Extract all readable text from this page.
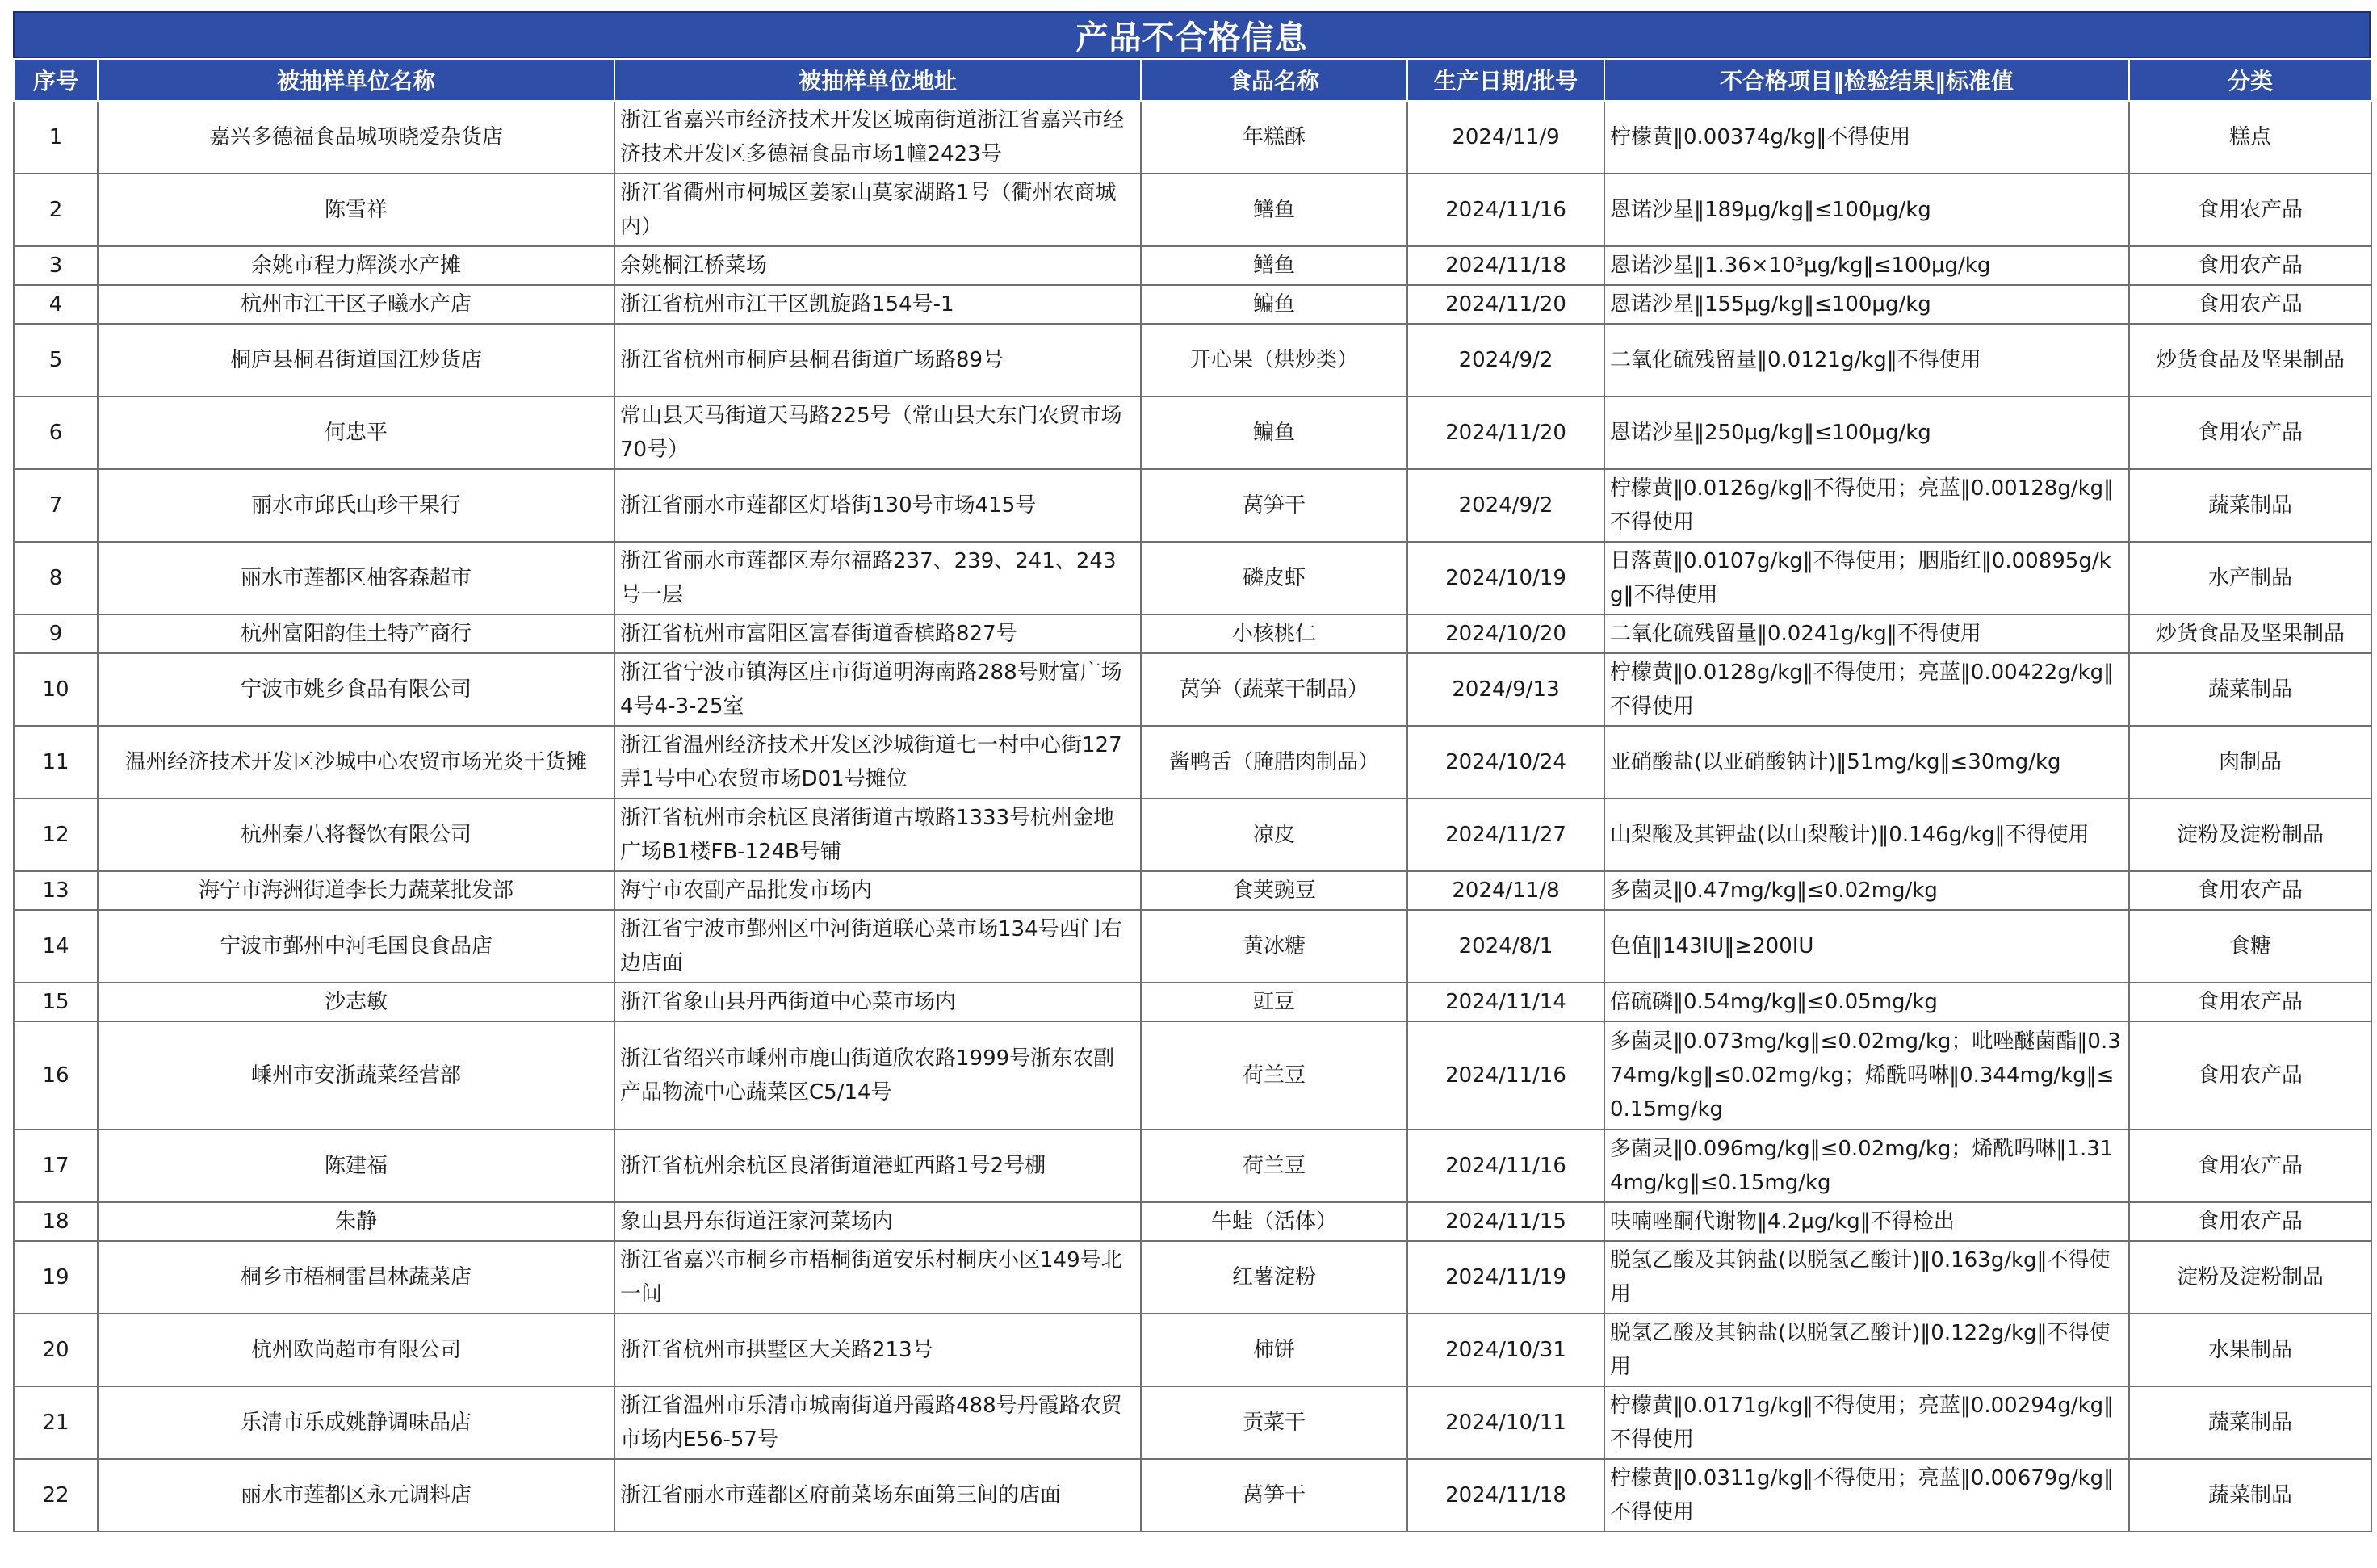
产品不合格信息
序号	被抽样单位名称	被抽样单位地址	食品名称	生产日期/批号	不合格项目‖检验结果‖标准值	分类
1	嘉兴多德福食品城项晓爱杂货店	浙江省嘉兴市经济技术开发区城南街道浙江省嘉兴市经济技术开发区多德福食品市场1幢2423号	年糕酥	2024/11/9	柠檬黄‖0.00374g/kg‖不得使用	糕点
2	陈雪祥	浙江省衢州市柯城区姜家山莫家湖路1号（衢州农商城内）	鳝鱼	2024/11/16	恩诺沙星‖189μg/kg‖≤100μg/kg	食用农产品
3	余姚市程力辉淡水产摊	余姚桐江桥菜场	鳝鱼	2024/11/18	恩诺沙星‖1.36×10³μg/kg‖≤100μg/kg	食用农产品
4	杭州市江干区子曦水产店	浙江省杭州市江干区凯旋路154号-1	鳊鱼	2024/11/20	恩诺沙星‖155μg/kg‖≤100μg/kg	食用农产品
5	桐庐县桐君街道国江炒货店	浙江省杭州市桐庐县桐君街道广场路89号	开心果（烘炒类）	2024/9/2	二氧化硫残留量‖0.0121g/kg‖不得使用	炒货食品及坚果制品
6	何忠平	常山县天马街道天马路225号（常山县大东门农贸市场70号）	鳊鱼	2024/11/20	恩诺沙星‖250μg/kg‖≤100μg/kg	食用农产品
7	丽水市邱氏山珍干果行	浙江省丽水市莲都区灯塔街130号市场415号	莴笋干	2024/9/2	柠檬黄‖0.0126g/kg‖不得使用；亮蓝‖0.00128g/kg‖不得使用	蔬菜制品
8	丽水市莲都区柚客森超市	浙江省丽水市莲都区寿尔福路237、239、241、243号一层	磷皮虾	2024/10/19	日落黄‖0.0107g/kg‖不得使用；胭脂红‖0.00895g/kg‖不得使用	水产制品
9	杭州富阳韵佳土特产商行	浙江省杭州市富阳区富春街道香槟路827号	小核桃仁	2024/10/20	二氧化硫残留量‖0.0241g/kg‖不得使用	炒货食品及坚果制品
10	宁波市姚乡食品有限公司	浙江省宁波市镇海区庄市街道明海南路288号财富广场4号4-3-25室	莴笋（蔬菜干制品）	2024/9/13	柠檬黄‖0.0128g/kg‖不得使用；亮蓝‖0.00422g/kg‖不得使用	蔬菜制品
11	温州经济技术开发区沙城中心农贸市场光炎干货摊	浙江省温州经济技术开发区沙城街道七一村中心街127弄1号中心农贸市场D01号摊位	酱鸭舌（腌腊肉制品）	2024/10/24	亚硝酸盐(以亚硝酸钠计)‖51mg/kg‖≤30mg/kg	肉制品
12	杭州秦八将餐饮有限公司	浙江省杭州市余杭区良渚街道古墩路1333号杭州金地广场B1楼FB-124B号铺	凉皮	2024/11/27	山梨酸及其钾盐(以山梨酸计)‖0.146g/kg‖不得使用	淀粉及淀粉制品
13	海宁市海洲街道李长力蔬菜批发部	海宁市农副产品批发市场内	食荚豌豆	2024/11/8	多菌灵‖0.47mg/kg‖≤0.02mg/kg	食用农产品
14	宁波市鄞州中河毛国良食品店	浙江省宁波市鄞州区中河街道联心菜市场134号西门右边店面	黄冰糖	2024/8/1	色值‖143IU‖≥200IU	食糖
15	沙志敏	浙江省象山县丹西街道中心菜市场内	豇豆	2024/11/14	倍硫磷‖0.54mg/kg‖≤0.05mg/kg	食用农产品
16	嵊州市安浙蔬菜经营部	浙江省绍兴市嵊州市鹿山街道欣农路1999号浙东农副产品物流中心蔬菜区C5/14号	荷兰豆	2024/11/16	多菌灵‖0.073mg/kg‖≤0.02mg/kg；吡唑醚菌酯‖0.374mg/kg‖≤0.02mg/kg；烯酰吗啉‖0.344mg/kg‖≤0.15mg/kg	食用农产品
17	陈建福	浙江省杭州余杭区良渚街道港虹西路1号2号棚	荷兰豆	2024/11/16	多菌灵‖0.096mg/kg‖≤0.02mg/kg；烯酰吗啉‖1.314mg/kg‖≤0.15mg/kg	食用农产品
18	朱静	象山县丹东街道汪家河菜场内	牛蛙（活体）	2024/11/15	呋喃唑酮代谢物‖4.2μg/kg‖不得检出	食用农产品
19	桐乡市梧桐雷昌林蔬菜店	浙江省嘉兴市桐乡市梧桐街道安乐村桐庆小区149号北一间	红薯淀粉	2024/11/19	脱氢乙酸及其钠盐(以脱氢乙酸计)‖0.163g/kg‖不得使用	淀粉及淀粉制品
20	杭州欧尚超市有限公司	浙江省杭州市拱墅区大关路213号	柿饼	2024/10/31	脱氢乙酸及其钠盐(以脱氢乙酸计)‖0.122g/kg‖不得使用	水果制品
21	乐清市乐成姚静调味品店	浙江省温州市乐清市城南街道丹霞路488号丹霞路农贸市场内E56-57号	贡菜干	2024/10/11	柠檬黄‖0.0171g/kg‖不得使用；亮蓝‖0.00294g/kg‖不得使用	蔬菜制品
22	丽水市莲都区永元调料店	浙江省丽水市莲都区府前菜场东面第三间的店面	莴笋干	2024/11/18	柠檬黄‖0.0311g/kg‖不得使用；亮蓝‖0.00679g/kg‖不得使用	蔬菜制品
